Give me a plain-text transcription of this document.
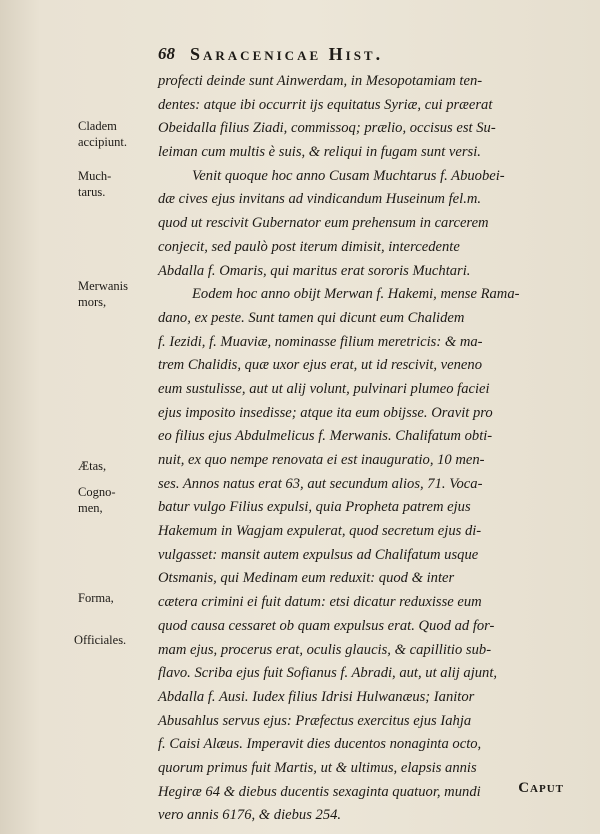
68 Saracenicae Hist.
profecti deinde sunt Ainwerdam, in Mesopotamiam ten-
dentes: atque ibi occurrit ijs equitatus Syriæ, cui præerat
Obeidalla filius Ziadi, commissoq; prælio, occisus est Su-
leiman cum multis è suis, & reliqui in fugam sunt versi.
Venit quoque hoc anno Cusam Muchtarus f. Abuobei-
dæ cives ejus invitans ad vindicandum Huseinum fel.m.
quod ut rescivit Gubernator eum prehensum in carcerem
conjecit, sed paulò post iterum dimisit, intercedente
Abdalla f. Omaris, qui maritus erat sororis Muchtari.
Eodem hoc anno obijt Merwan f. Hakemi, mense Rama-
dano, ex peste. Sunt tamen qui dicunt eum Chalidem
f. Iezidi, f. Muaviæ, nominasse filium meretricis: & ma-
trem Chalidis, quæ uxor ejus erat, ut id rescivit, veneno
eum sustulisse, aut ut alij volunt, pulvinari plumeo faciei
ejus imposito insedisse; atque ita eum obijsse. Oravit pro
eo filius ejus Abdulmelicus f. Merwanis. Chalifatum obti-
nuit, ex quo nempe renovata ei est inauguratio, 10 men-
ses. Annos natus erat 63, aut secundum alios, 71. Voca-
batur vulgo Filius expulsi, quia Propheta patrem ejus
Hakemum in Wagjam expulerat, quod secretum ejus di-
vulgasset: mansit autem expulsus ad Chalifatum usque
Otsmanis, qui Medinam eum reduxit: quod & inter
cætera crimini ei fuit datum: etsi dicatur reduxisse eum
quod causa cessaret ob quam expulsus erat. Quod ad for-
mam ejus, procerus erat, oculis glaucis, & capillitio sub-
flavo. Scriba ejus fuit Sofianus f. Abradi, aut, ut alij ajunt,
Abdalla f. Ausi. Iudex filius Idrisi Hulwanæus; Ianitor
Abusahlus servus ejus: Præfectus exercitus ejus Iahja
f. Caisi Alæus. Imperavit dies ducentos nonaginta octo,
quorum primus fuit Martis, ut & ultimus, elapsis annis
Hegiræ 64 & diebus ducentis sexaginta quatuor, mundi
vero annis 6176, & diebus 254.
Cladem
accipiunt.
Much-
tarus.
Merwanis
mors,
Ætas,
Cogno-
men,
Forma,
Officiales.
Caput
